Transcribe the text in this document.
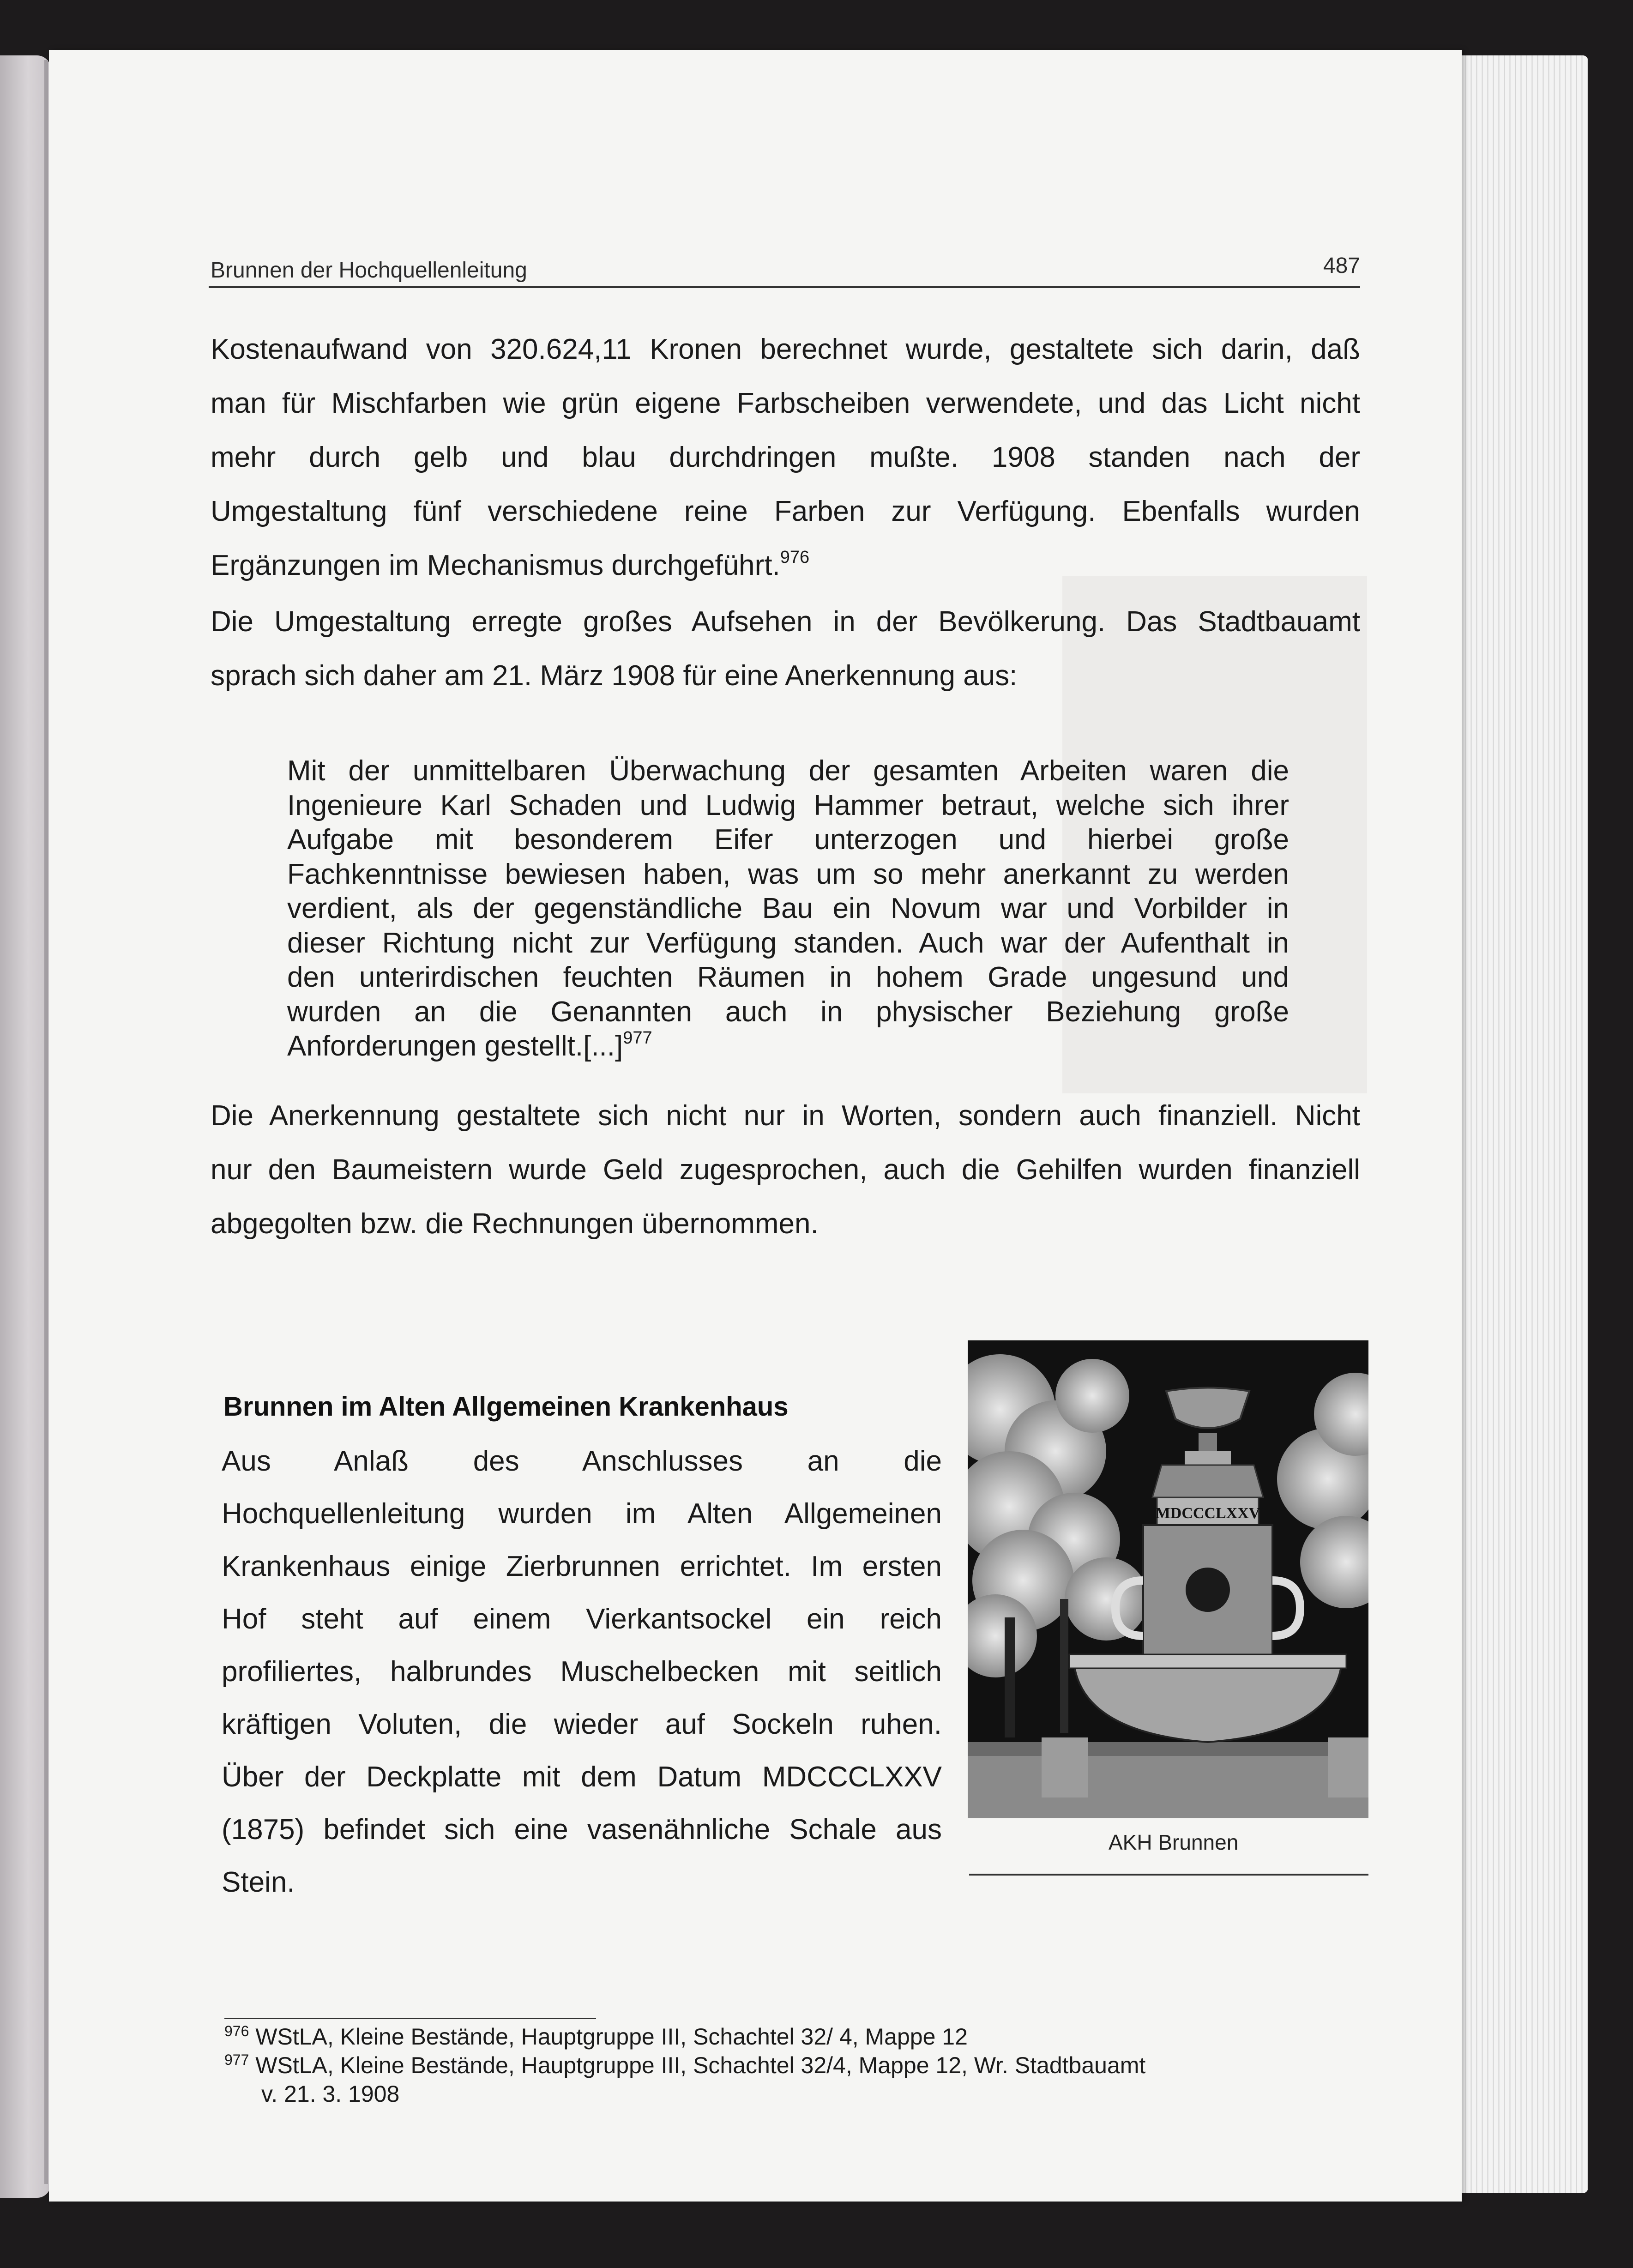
Brunnen der Hochquellenleitung	487
Kostenaufwand von 320.624,11 Kronen berechnet wurde, gestaltete sich darin, daß
man für Mischfarben wie grün eigene Farbscheiben verwendete, und das Licht nicht
mehr durch gelb und blau durchdringen mußte. 1908 standen nach der
Umgestaltung fünf verschiedene reine Farben zur Verfügung. Ebenfalls wurden
Ergänzungen im Mechanismus durchgeführt.$^{976}$
Die Umgestaltung erregte großes Aufsehen in der Bevölkerung. Das Stadtbauamt
sprach sich daher am 21. März 1908 für eine Anerkennung aus:
Mit der unmittelbaren Überwachung der gesamten Arbeiten waren die
Ingenieure Karl Schaden und Ludwig Hammer betraut, welche sich ihrer
Aufgabe mit besonderem Eifer unterzogen und hierbei große
Fachkenntnisse bewiesen haben, was um so mehr anerkannt zu werden
verdient, als der gegenständliche Bau ein Novum war und Vorbilder in
dieser Richtung nicht zur Verfügung standen. Auch war der Aufenthalt in
den unterirdischen feuchten Räumen in hohem Grade ungesund und
wurden an die Genannten auch in physischer Beziehung große
Anforderungen gestellt.[...]$^{977}$
Die Anerkennung gestaltete sich nicht nur in Worten, sondern auch finanziell. Nicht
nur den Baumeistern wurde Geld zugesprochen, auch die Gehilfen wurden finanziell
abgegolten bzw. die Rechnungen übernommen.
Brunnen im Alten Allgemeinen Krankenhaus
Aus Anlaß des Anschlusses an die
Hochquellenleitung wurden im Alten Allgemeinen
Krankenhaus einige Zierbrunnen errichtet. Im ersten
Hof steht auf einem Vierkantsockel ein reich
profiliertes, halbrundes Muschelbecken mit seitlich
kräftigen Voluten, die wieder auf Sockeln ruhen.
Über der Deckplatte mit dem Datum MDCCCLXXV
(1875) befindet sich eine vasenähnliche Schale aus
Stein.
MDCCCLXXV
AKH Brunnen
$^{976}$ WStLA, Kleine Bestände, Hauptgruppe III, Schachtel 32/ 4, Mappe 12
$^{977}$ WStLA, Kleine Bestände, Hauptgruppe III, Schachtel 32/4, Mappe 12, Wr. Stadtbauamt
v. 21. 3. 1908
